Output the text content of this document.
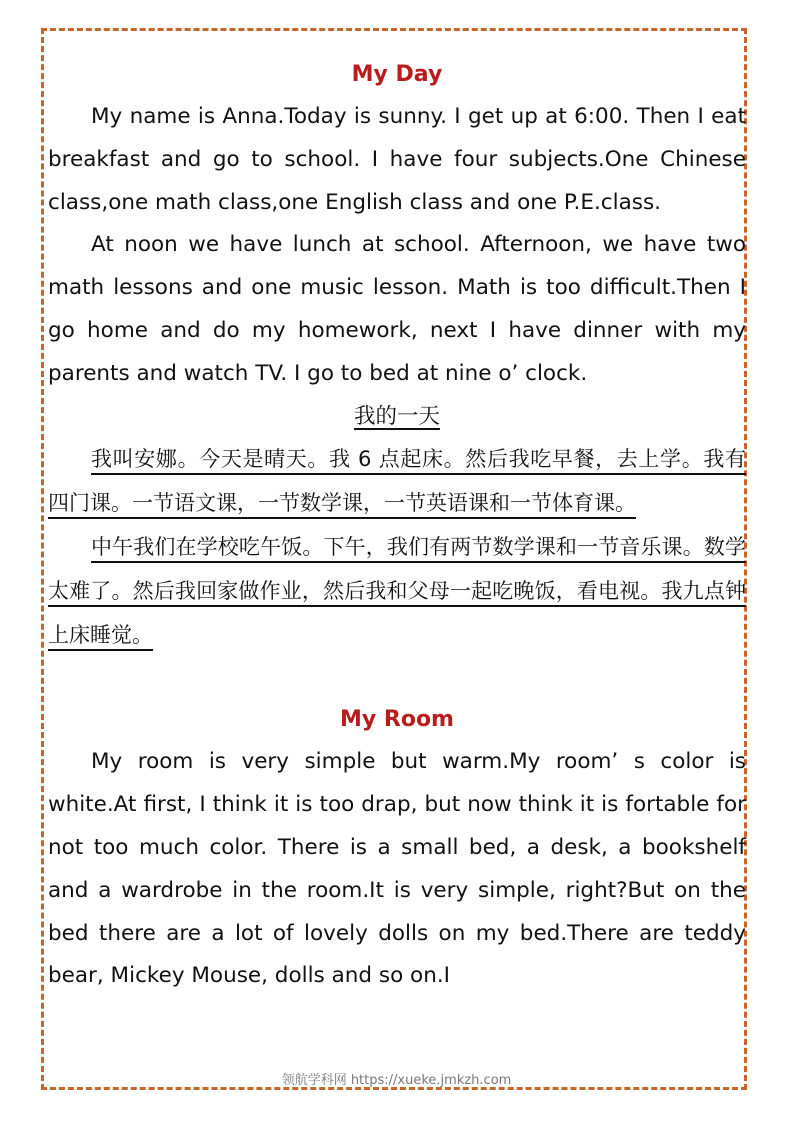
My Day

My name is Anna.Today is sunny. I get up at 6:00. Then I eat breakfast and go to school. I have four subjects.One Chinese class,one math class,one English class and one P.E.class.

At noon we have lunch at school. Afternoon, we have two math lessons and one music lesson. Math is too difficult.Then I go home and do my homework, next I have dinner with my parents and watch TV. I go to bed at nine o’ clock.

我的一天

我叫安娜。今天是晴天。我 6 点起床。然后我吃早餐，去上学。我有四门课。一节语文课，一节数学课，一节英语课和一节体育课。

中午我们在学校吃午饭。下午，我们有两节数学课和一节音乐课。数学太难了。然后我回家做作业，然后我和父母一起吃晚饭，看电视。我九点钟上床睡觉。

My Room

My room is very simple but warm.My room’ s color is white.At first, I think it is too drap, but now think it is fortable for not too much color. There is a small bed, a desk, a bookshelf and a wardrobe in the room.It is very simple, right?But on the bed there are a lot of lovely dolls on my bed.There are teddy bear, Mickey Mouse, dolls and so on.I

领航学科网 https://xueke.jmkzh.com
